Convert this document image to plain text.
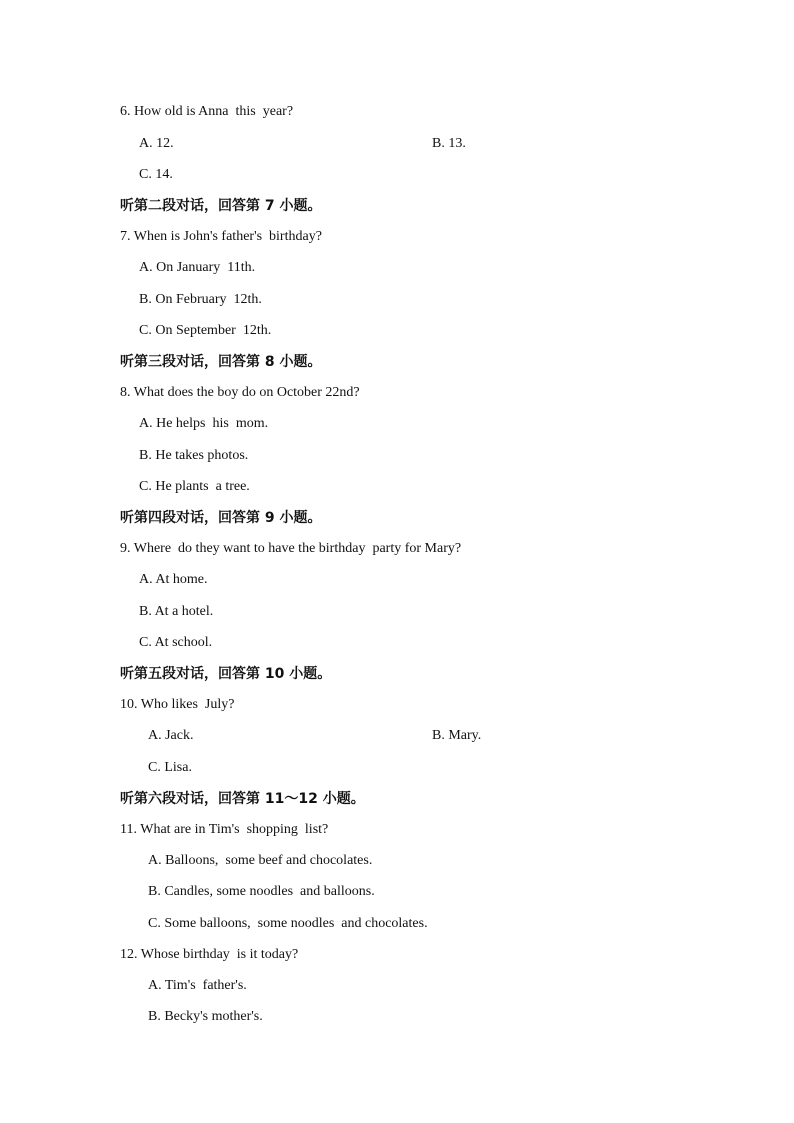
6. How old is Anna  this  year?
A. 12.	B. 13.
C. 14.
听第二段对话，回答第 7 小题。
7. When is John's father's  birthday?
A. On January  11th.
B. On February  12th.
C. On September  12th.
听第三段对话，回答第 8 小题。
8. What does the boy do on October 22nd?
A. He helps  his  mom.
B. He takes photos.
C. He plants  a tree.
听第四段对话，回答第 9 小题。
9. Where  do they want to have the birthday  party for Mary?
A. At home.
B. At a hotel.
C. At school.
听第五段对话，回答第 10 小题。
10. Who likes  July?
A. Jack.	B. Mary.
C. Lisa.
听第六段对话，回答第 11～12 小题。
11. What are in Tim's  shopping  list?
A. Balloons,  some beef and chocolates.
B. Candles, some noodles  and balloons.
C. Some balloons,  some noodles  and chocolates.
12. Whose birthday  is it today?
A. Tim's  father's.
B. Becky's mother's.
